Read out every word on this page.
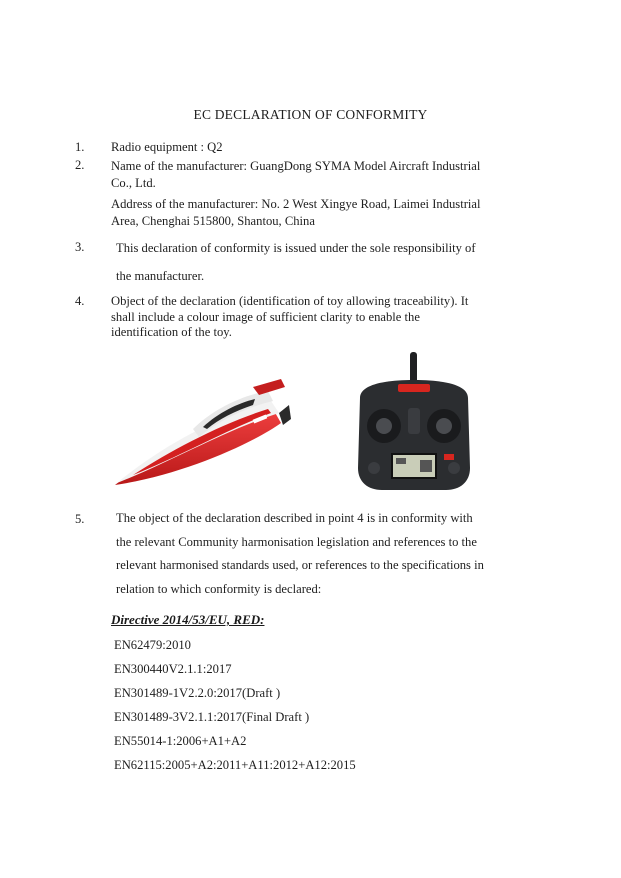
EC DECLARATION OF CONFORMITY
1. Radio equipment : Q2
2. Name of the manufacturer: GuangDong SYMA Model Aircraft Industrial
Co., Ltd.
Address of the manufacturer: No. 2 West Xingye Road, Laimei Industrial
Area, Chenghai 515800, Shantou, China
3.	This declaration of conformity is issued under the sole responsibility of
the manufacturer.
4. Object of the declaration (identification of toy allowing traceability). It
shall include a colour image of sufficient clarity to enable the
identification of the toy.
5.	The object of the declaration described in point 4 is in conformity with
the relevant Community harmonisation legislation and references to the
relevant harmonised standards used, or references to the specifications in
relation to which conformity is declared:
Directive 2014/53/EU, RED:
EN62479:2010
EN300440V2.1.1:2017
EN301489-1V2.2.0:2017(Draft )
EN301489-3V2.1.1:2017(Final Draft )
EN55014-1:2006+A1+A2
EN62115:2005+A2:2011+A11:2012+A12:2015
